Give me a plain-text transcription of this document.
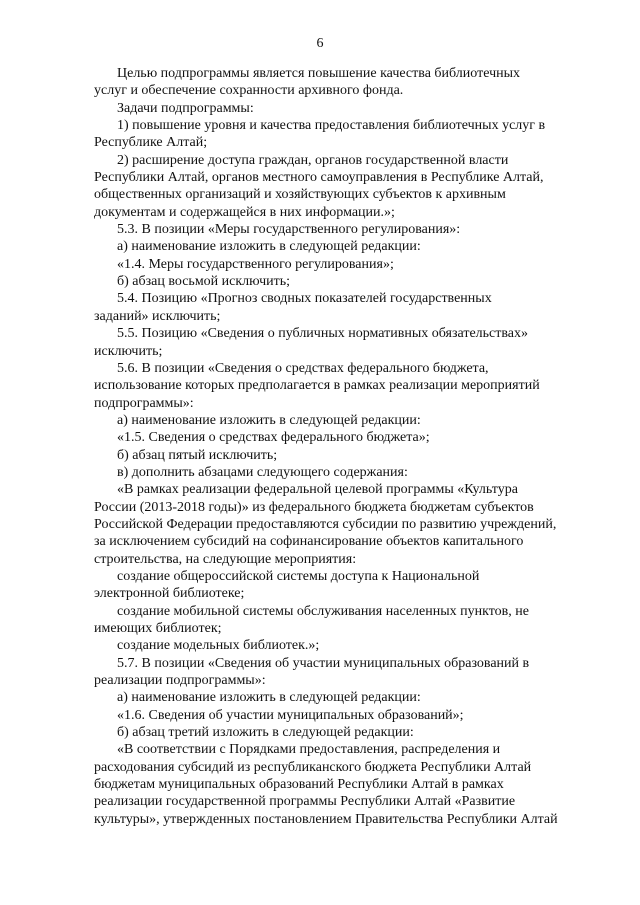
6

Целью подпрограммы является повышение качества библиотечных
услуг и обеспечение сохранности архивного фонда.

Задачи подпрограммы:

1) повышение уровня и качества предоставления библиотечных услуг в
Республике Алтай;

2) расширение доступа граждан, органов государственной власти
Республики Алтай, органов местного самоуправления в Республике Алтай,
общественных организаций и хозяйствующих субъектов к архивным
документам и содержащейся в них информации.»;

5.3. В позиции «Меры государственного регулирования»:

а) наименование изложить в следующей редакции:

«1.4. Меры государственного регулирования»;

б) абзац восьмой исключить;

5.4. Позицию «Прогноз сводных показателей государственных
заданий» исключить;

5.5. Позицию «Сведения о публичных нормативных обязательствах»
исключить;

5.6. В позиции «Сведения о средствах федерального бюджета,
использование которых предполагается в рамках реализации мероприятий
подпрограммы»:

а) наименование изложить в следующей редакции:

«1.5. Сведения о средствах федерального бюджета»;

б) абзац пятый исключить;

в) дополнить абзацами следующего содержания:

«В рамках реализации федеральной целевой программы «Культура
России (2013-2018 годы)» из федерального бюджета бюджетам субъектов
Российской Федерации предоставляются субсидии по развитию учреждений,
за исключением субсидий на софинансирование объектов капитального
строительства, на следующие мероприятия:

создание общероссийской системы доступа к Национальной
электронной библиотеке;

создание мобильной системы обслуживания населенных пунктов, не
имеющих библиотек;

создание модельных библиотек.»;

5.7. В позиции «Сведения об участии муниципальных образований в
реализации подпрограммы»:

а) наименование изложить в следующей редакции:

«1.6. Сведения об участии муниципальных образований»;

б) абзац третий изложить в следующей редакции:

«В соответствии с Порядками предоставления, распределения и
расходования субсидий из республиканского бюджета Республики Алтай
бюджетам муниципальных образований Республики Алтай в рамках
реализации государственной программы Республики Алтай «Развитие
культуры», утвержденных постановлением Правительства Республики Алтай
